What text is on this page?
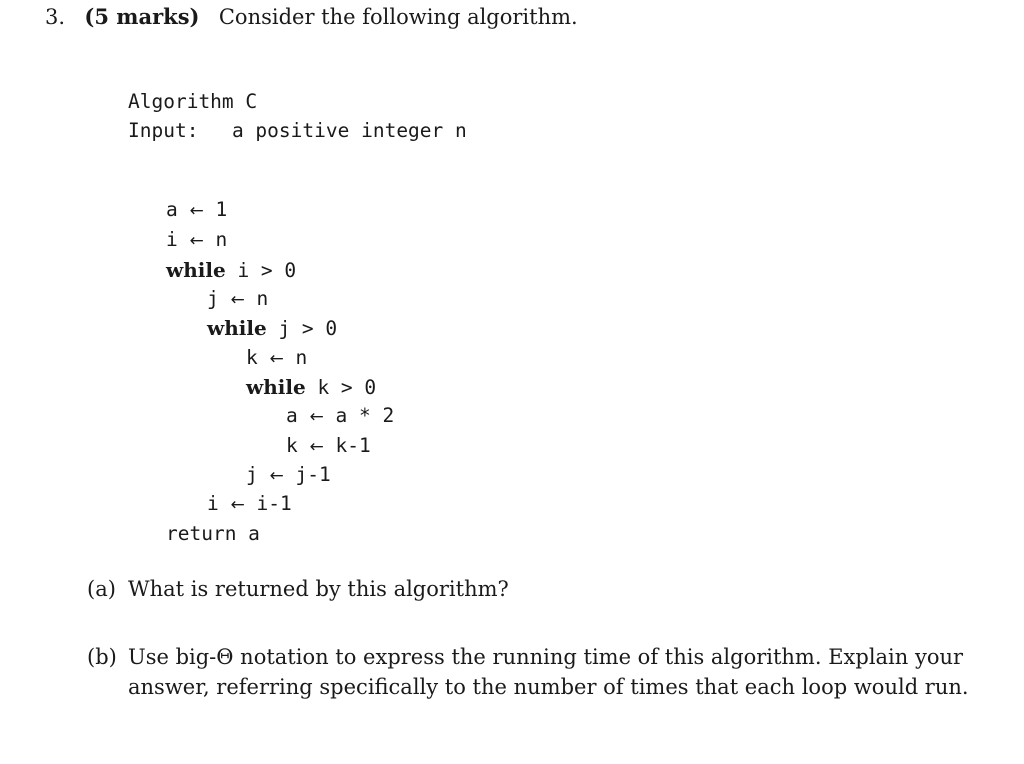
3. (5 marks) Consider the following algorithm.
Algorithm C
Input: a positive integer n
a ← 1
i ← n
while i > 0
j ← n
while j > 0
k ← n
while k > 0
a ← a * 2
k ← k-1
j ← j-1
i ← i-1
return a
(a) What is returned by this algorithm?
(b) Use big-Θ notation to express the running time of this algorithm. Explain your
answer, referring specifically to the number of times that each loop would run.
